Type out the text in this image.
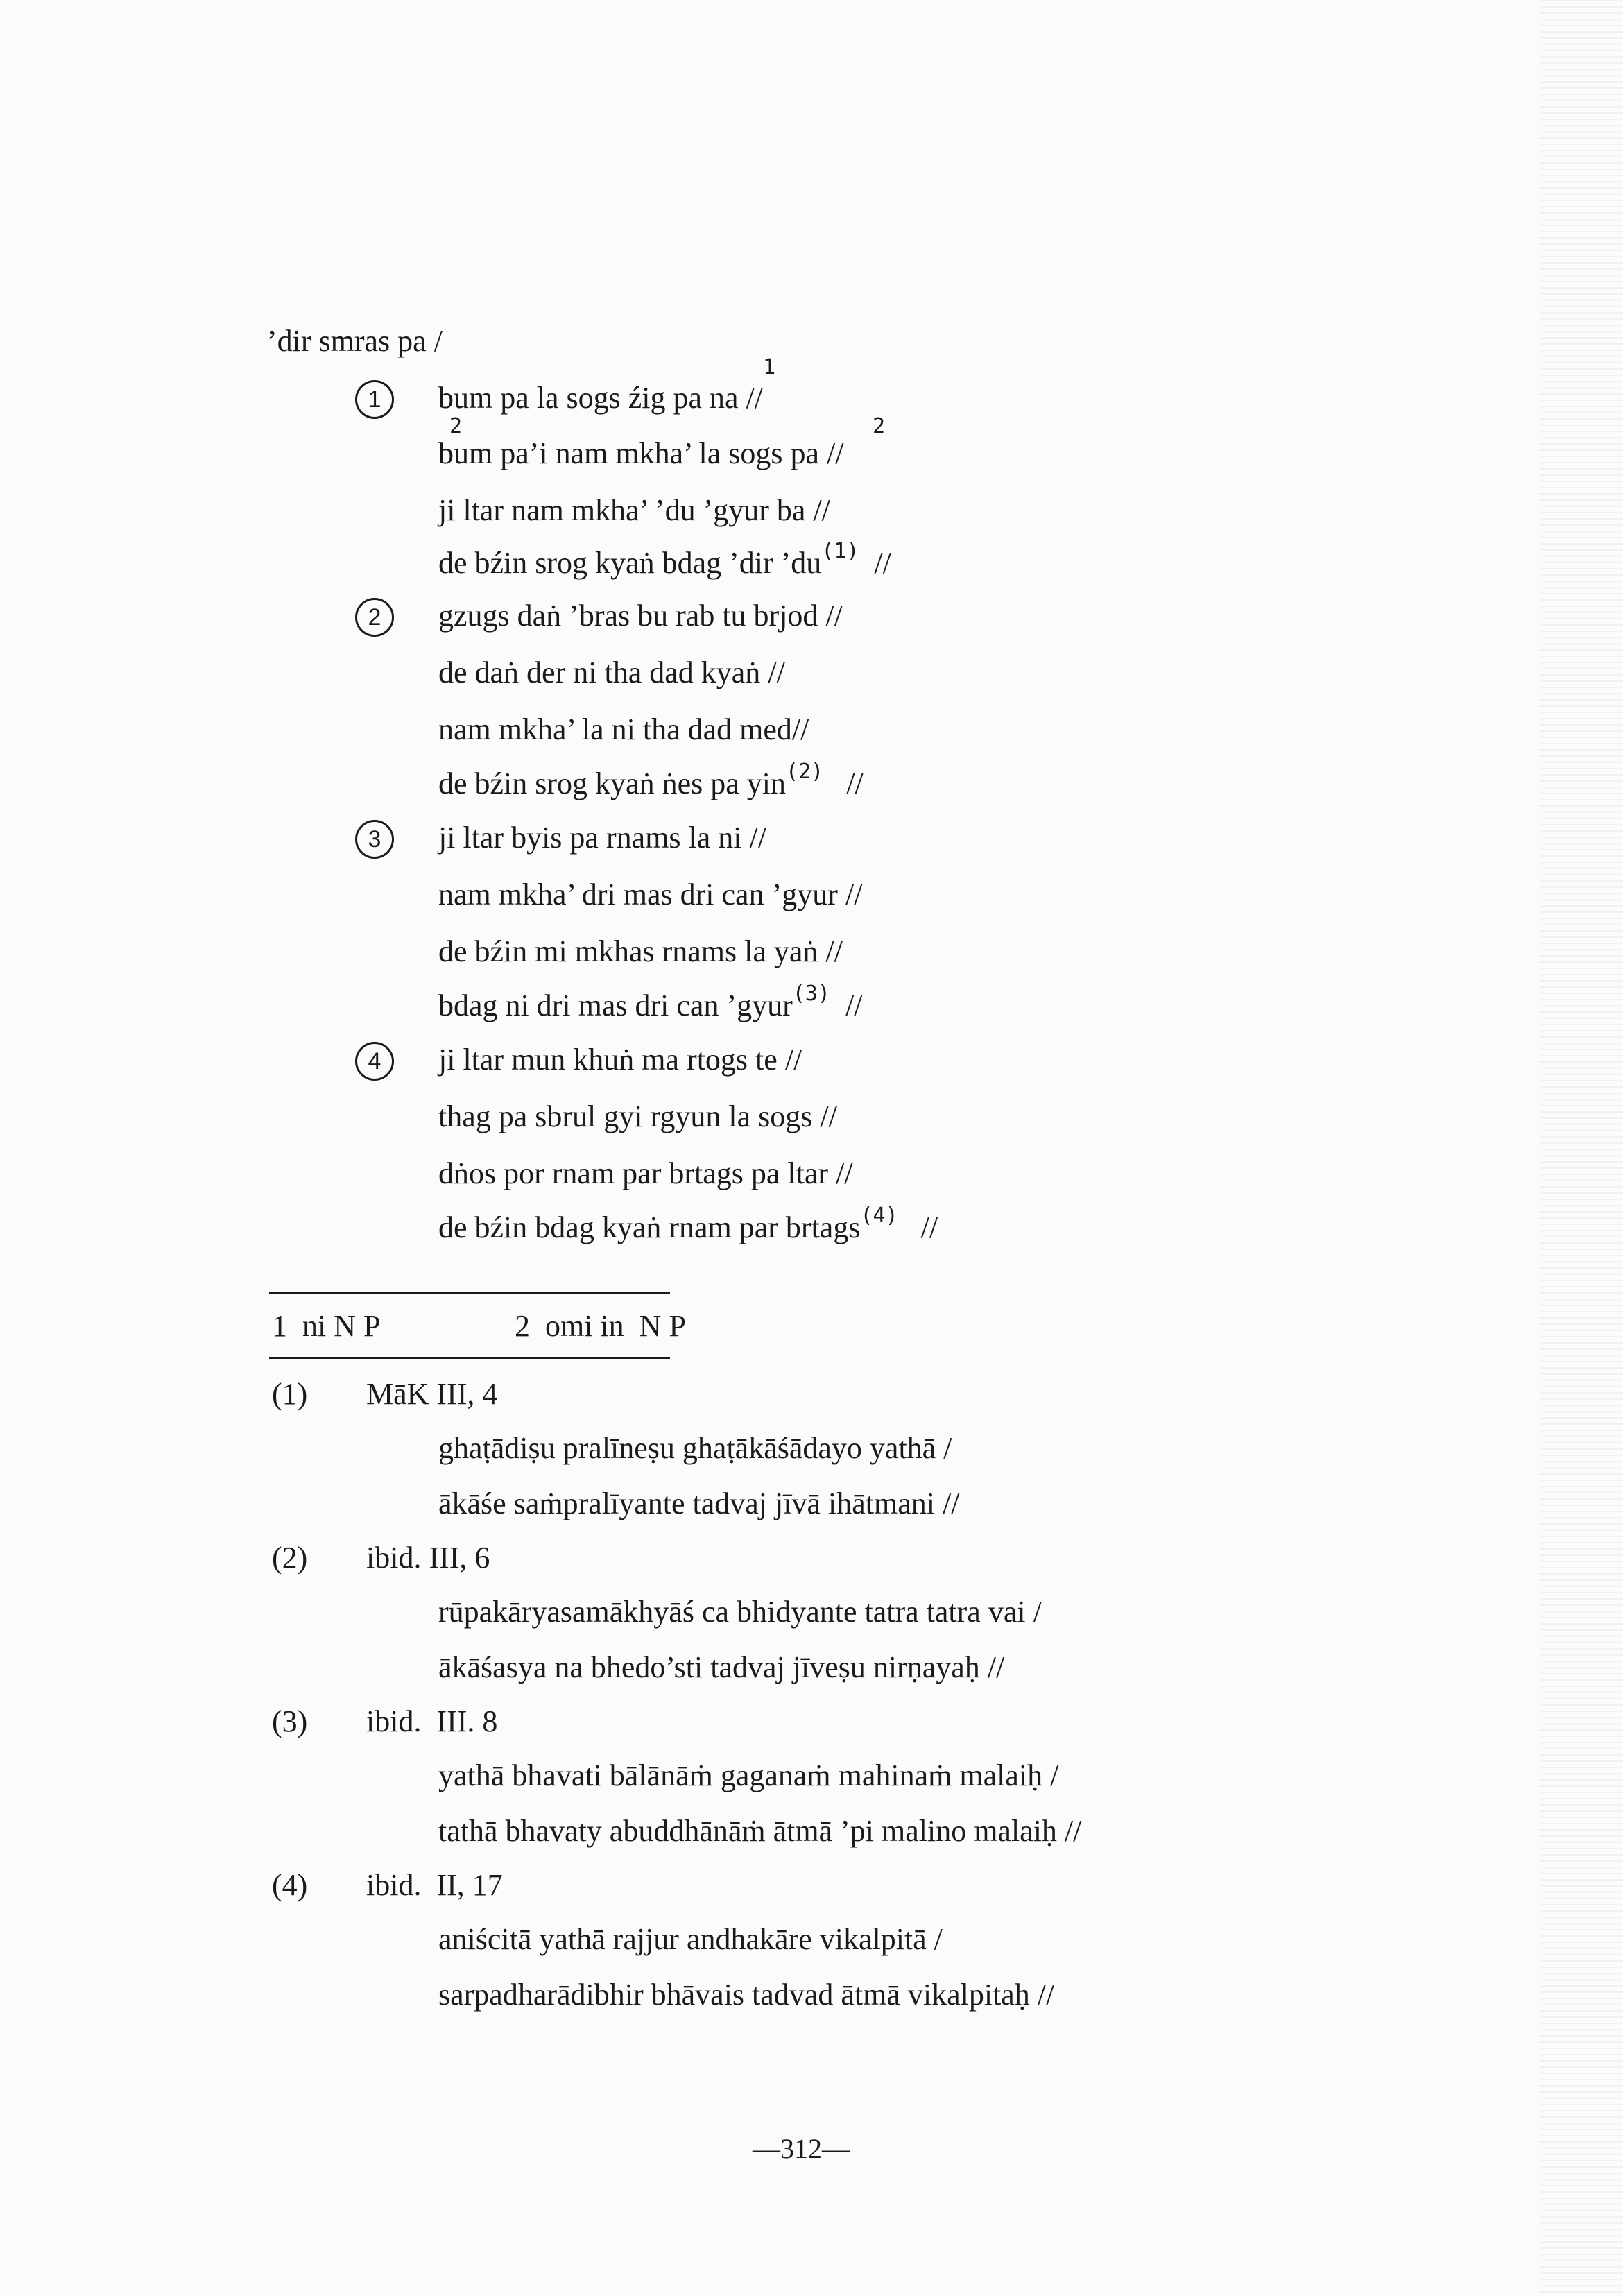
’dir smras pa /
1
1
bum pa la sogs źig pa na //
2	2
bum pa’i nam mkha’ la sogs pa //
ji ltar nam mkha’ ’du ’gyur ba //
de bźin srog kyaṅ bdag ’dir $’du^{(1)}$  //
2	gzugs daṅ ’bras bu rab tu brjod //
de daṅ der ni tha dad kyaṅ //
nam mkha’ la ni tha dad med//
de bźin srog kyaṅ ṅes pa yin$^{(2)}$   //
3	ji ltar byis pa rnams la ni //
nam mkha’ dri mas dri can ’gyur //
de bźin mi mkhas rnams la yaṅ //
bdag ni dri mas dri can ’gyur$^{(3)}$  //
4	ji ltar mun khuṅ ma rtogs te //
thag pa sbrul gyi rgyun la sogs //
dṅos por rnam par brtags pa ltar //
de bźin bdag kyaṅ rnam par brtags$^{(4)}$   //
1  ni N P	2  omi in  N P
(1) MāK III, 4
ghaṭādiṣu pralīneṣu ghaṭākāśādayo yathā /
ākāśe saṁpralīyante tadvaj jīvā ihātmani //
(2) ibid. III, 6
rūpakāryasamākhyāś ca bhidyante tatra tatra vai /
ākāśasya na bhedo’sti tadvaj jīveṣu nirṇayaḥ //
(3) ibid.  III. 8
yathā bhavati bālānāṁ gaganaṁ mahinaṁ malaiḥ /
tathā bhavaty abuddhānāṁ ātmā ’pi malino malaiḥ //
(4) ibid.  II, 17
aniścitā yathā rajjur andhakāre vikalpitā /
sarpadharādibhir bhāvais tadvad ātmā vikalpitaḥ //
—312—
